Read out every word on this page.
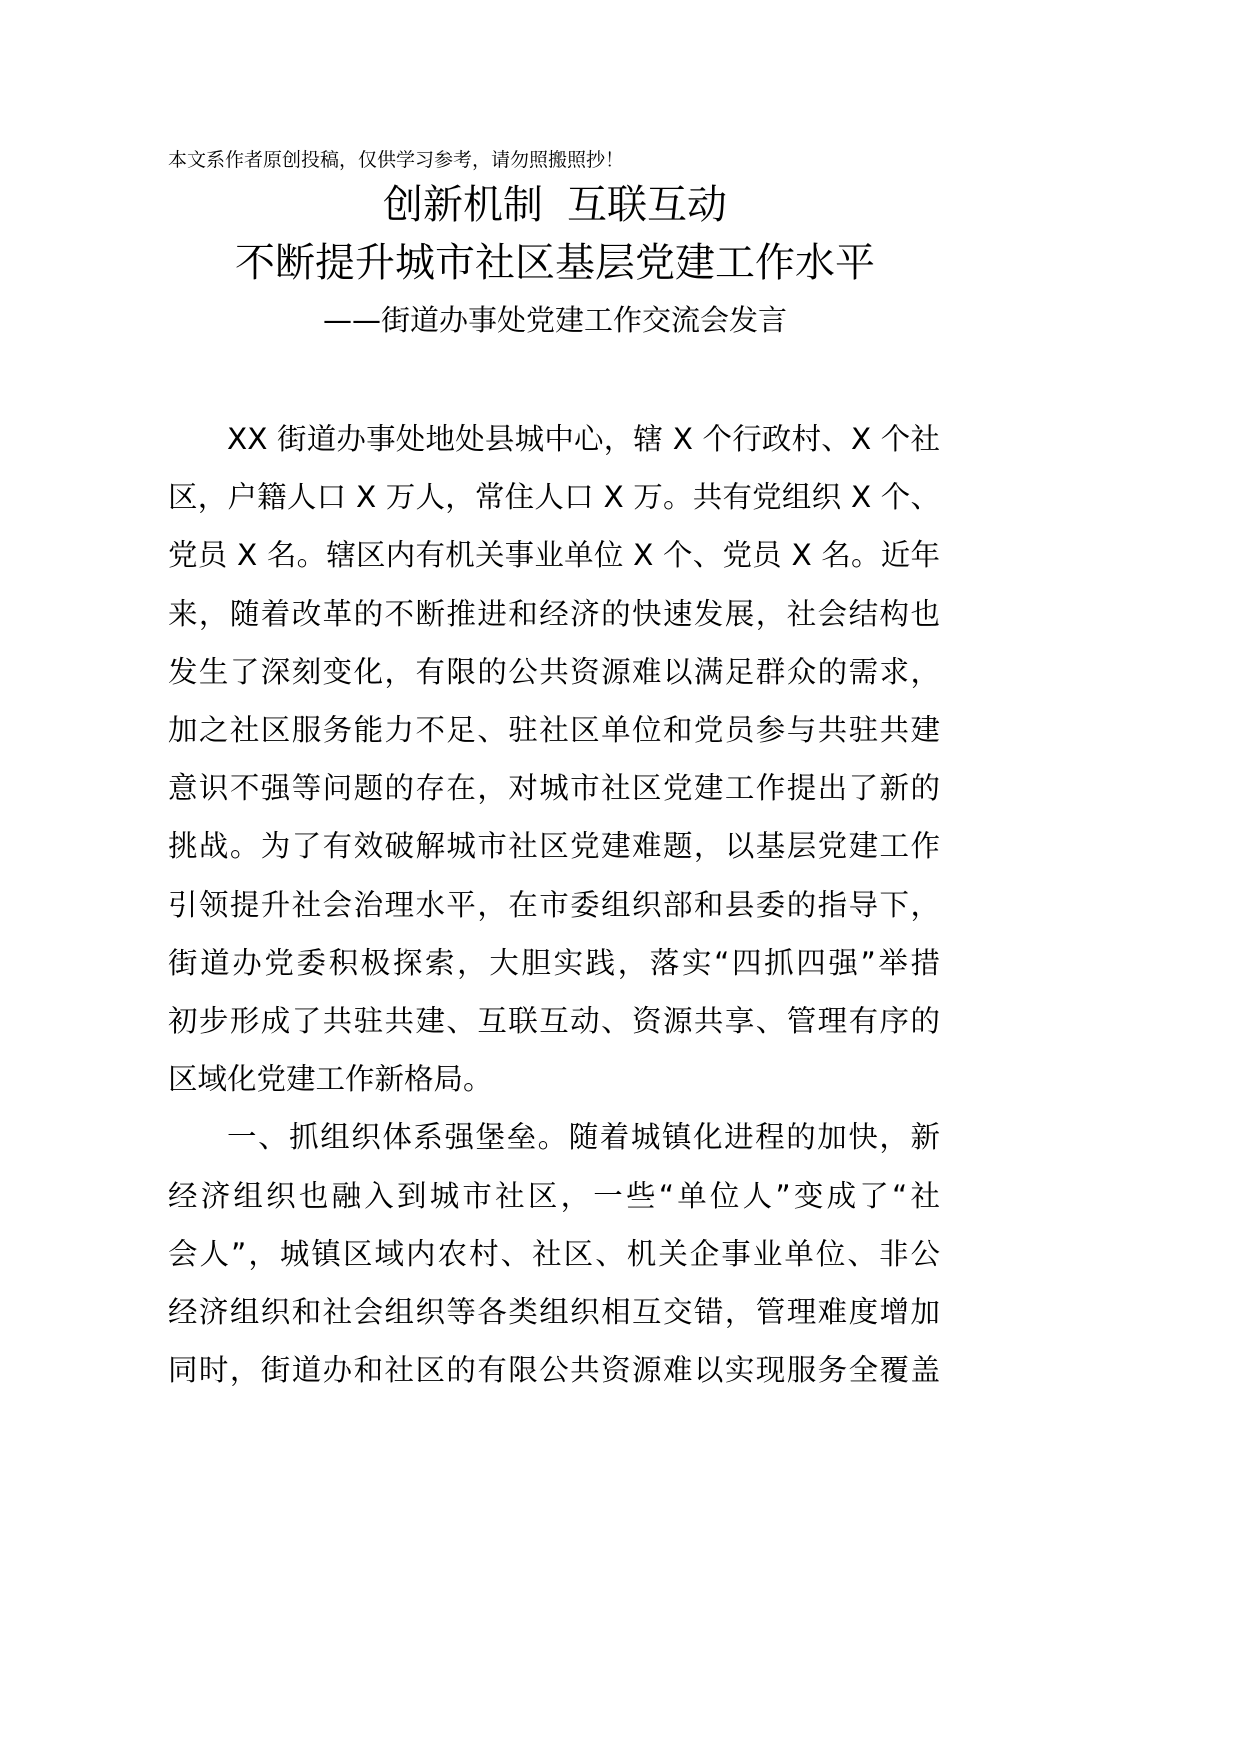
本文系作者原创投稿，仅供学习参考，请勿照搬照抄！
创新机制 互联互动
不断提升城市社区基层党建工作水平
——街道办事处党建工作交流会发言
XX 街道办事处地处县城中心，辖 X 个行政村、X 个社
区，户籍人口 X 万人，常住人口 X 万。共有党组织 X 个、
党员 X 名。辖区内有机关事业单位 X 个、党员 X 名。近年
来，随着改革的不断推进和经济的快速发展，社会结构也
发生了深刻变化，有限的公共资源难以满足群众的需求，
加之社区服务能力不足、驻社区单位和党员参与共驻共建
意识不强等问题的存在，对城市社区党建工作提出了新的
挑战。为了有效破解城市社区党建难题，以基层党建工作
引领提升社会治理水平，在市委组织部和县委的指导下，
街道办党委积极探索，大胆实践，落实“四抓四强”举措
初步形成了共驻共建、互联互动、资源共享、管理有序的
区域化党建工作新格局。
一、抓组织体系强堡垒。随着城镇化进程的加快，新
经济组织也融入到城市社区，一些“单位人”变成了“社
会人”，城镇区域内农村、社区、机关企事业单位、非公
经济组织和社会组织等各类组织相互交错，管理难度增加
同时，街道办和社区的有限公共资源难以实现服务全覆盖
